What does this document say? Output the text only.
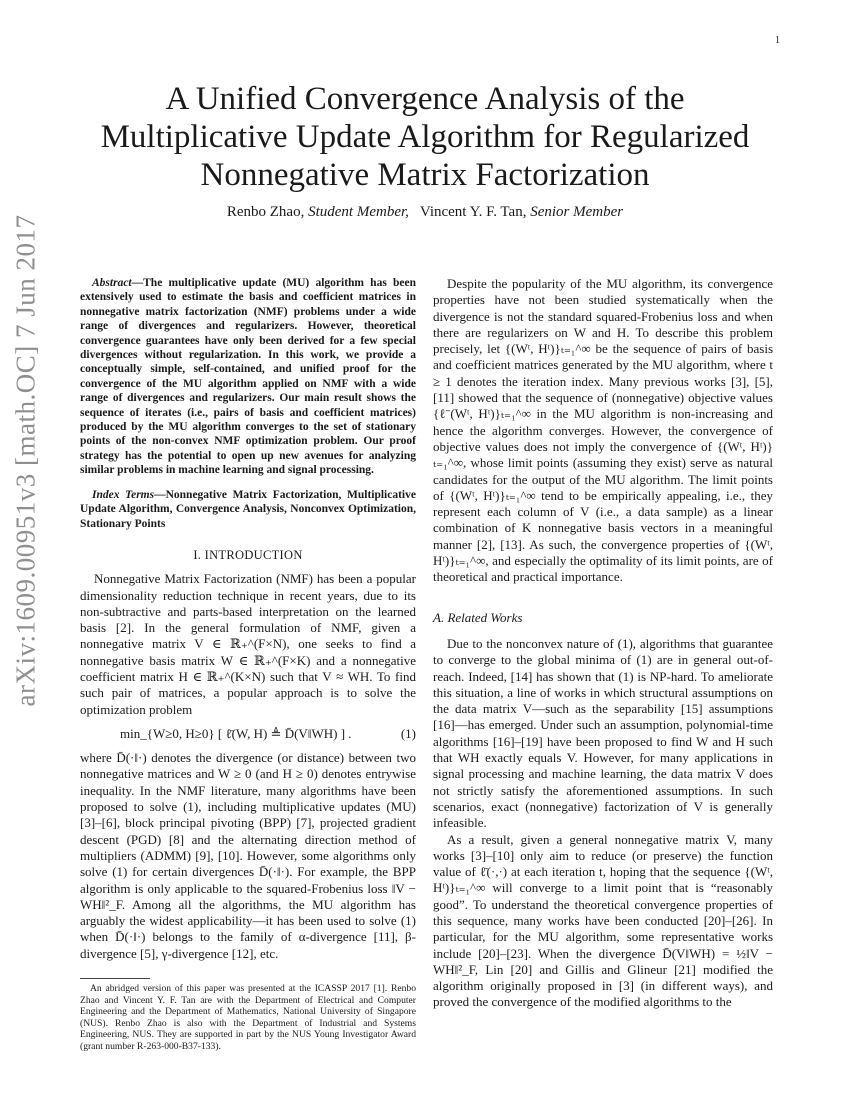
1
arXiv:1609.00951v3 [math.OC] 7 Jun 2017
A Unified Convergence Analysis of the
Multiplicative Update Algorithm for Regularized
Nonnegative Matrix Factorization
Renbo Zhao, Student Member, Vincent Y. F. Tan, Senior Member

Abstract—The multiplicative update (MU) algorithm has been extensively used to estimate the basis and coefficient matrices in nonnegative matrix factorization (NMF) problems under a wide range of divergences and regularizers. However, theoretical convergence guarantees have only been derived for a few special divergences without regularization. In this work, we provide a conceptually simple, self-contained, and unified proof for the convergence of the MU algorithm applied on NMF with a wide range of divergences and regularizers. Our main result shows the sequence of iterates (i.e., pairs of basis and coefficient matrices) produced by the MU algorithm converges to the set of stationary points of the non-convex NMF optimization problem. Our proof strategy has the potential to open up new avenues for analyzing similar problems in machine learning and signal processing.

Index Terms—Nonnegative Matrix Factorization, Multiplicative Update Algorithm, Convergence Analysis, Nonconvex Optimization, Stationary Points

I. INTRODUCTION

Nonnegative Matrix Factorization (NMF) has been a popular dimensionality reduction technique in recent years, due to its non-subtractive and parts-based interpretation on the learned basis [2]. In the general formulation of NMF, given a nonnegative matrix V ∈ ℝ₊^(F×N), one seeks to find a nonnegative basis matrix W ∈ ℝ₊^(F×K) and a nonnegative coefficient matrix H ∈ ℝ₊^(K×N) such that V ≈ WH. To find such pair of matrices, a popular approach is to solve the optimization problem

min_{W≥0, H≥0} [ ℓ̄(W, H) ≜ D̄(V‖WH) ] .	(1)

where D̄(·‖·) denotes the divergence (or distance) between two nonnegative matrices and W ≥ 0 (and H ≥ 0) denotes entrywise inequality. In the NMF literature, many algorithms have been proposed to solve (1), including multiplicative updates (MU) [3]–[6], block principal pivoting (BPP) [7], projected gradient descent (PGD) [8] and the alternating direction method of multipliers (ADMM) [9], [10]. However, some algorithms only solve (1) for certain divergences D̄(·‖·). For example, the BPP algorithm is only applicable to the squared-Frobenius loss ‖V − WH‖²_F. Among all the algorithms, the MU algorithm has arguably the widest applicability—it has been used to solve (1) when D̄(·‖·) belongs to the family of α-divergence [11], β-divergence [5], γ-divergence [12], etc.

An abridged version of this paper was presented at the ICASSP 2017 [1]. Renbo Zhao and Vincent Y. F. Tan are with the Department of Electrical and Computer Engineering and the Department of Mathematics, National University of Singapore (NUS). Renbo Zhao is also with the Department of Industrial and Systems Engineering, NUS. They are supported in part by the NUS Young Investigator Award (grant number R-263-000-B37-133).

Despite the popularity of the MU algorithm, its convergence properties have not been studied systematically when the divergence is not the standard squared-Frobenius loss and when there are regularizers on W and H. To describe this problem precisely, let {(Wᵗ, Hᵗ)}ₜ₌₁^∞ be the sequence of pairs of basis and coefficient matrices generated by the MU algorithm, where t ≥ 1 denotes the iteration index. Many previous works [3], [5], [11] showed that the sequence of (nonnegative) objective values {ℓ̄(Wᵗ, Hᵗ)}ₜ₌₁^∞ in the MU algorithm is non-increasing and hence the algorithm converges. However, the convergence of objective values does not imply the convergence of {(Wᵗ, Hᵗ)}ₜ₌₁^∞, whose limit points (assuming they exist) serve as natural candidates for the output of the MU algorithm. The limit points of {(Wᵗ, Hᵗ)}ₜ₌₁^∞ tend to be empirically appealing, i.e., they represent each column of V (i.e., a data sample) as a linear combination of K nonnegative basis vectors in a meaningful manner [2], [13]. As such, the convergence properties of {(Wᵗ, Hᵗ)}ₜ₌₁^∞, and especially the optimality of its limit points, are of theoretical and practical importance.

A. Related Works

Due to the nonconvex nature of (1), algorithms that guarantee to converge to the global minima of (1) are in general out-of-reach. Indeed, [14] has shown that (1) is NP-hard. To ameliorate this situation, a line of works in which structural assumptions on the data matrix V—such as the separability [15] assumptions [16]—has emerged. Under such an assumption, polynomial-time algorithms [16]–[19] have been proposed to find W and H such that WH exactly equals V. However, for many applications in signal processing and machine learning, the data matrix V does not strictly satisfy the aforementioned assumptions. In such scenarios, exact (nonnegative) factorization of V is generally infeasible.

As a result, given a general nonnegative matrix V, many works [3]–[10] only aim to reduce (or preserve) the function value of ℓ̄(·,·) at each iteration t, hoping that the sequence {(Wᵗ, Hᵗ)}ₜ₌₁^∞ will converge to a limit point that is “reasonably good”. To understand the theoretical convergence properties of this sequence, many works have been conducted [20]–[26]. In particular, for the MU algorithm, some representative works include [20]–[23]. When the divergence D̄(V‖WH) = ½‖V − WH‖²_F, Lin [20] and Gillis and Glineur [21] modified the algorithm originally proposed in [3] (in different ways), and proved the convergence of the modified algorithms to the
